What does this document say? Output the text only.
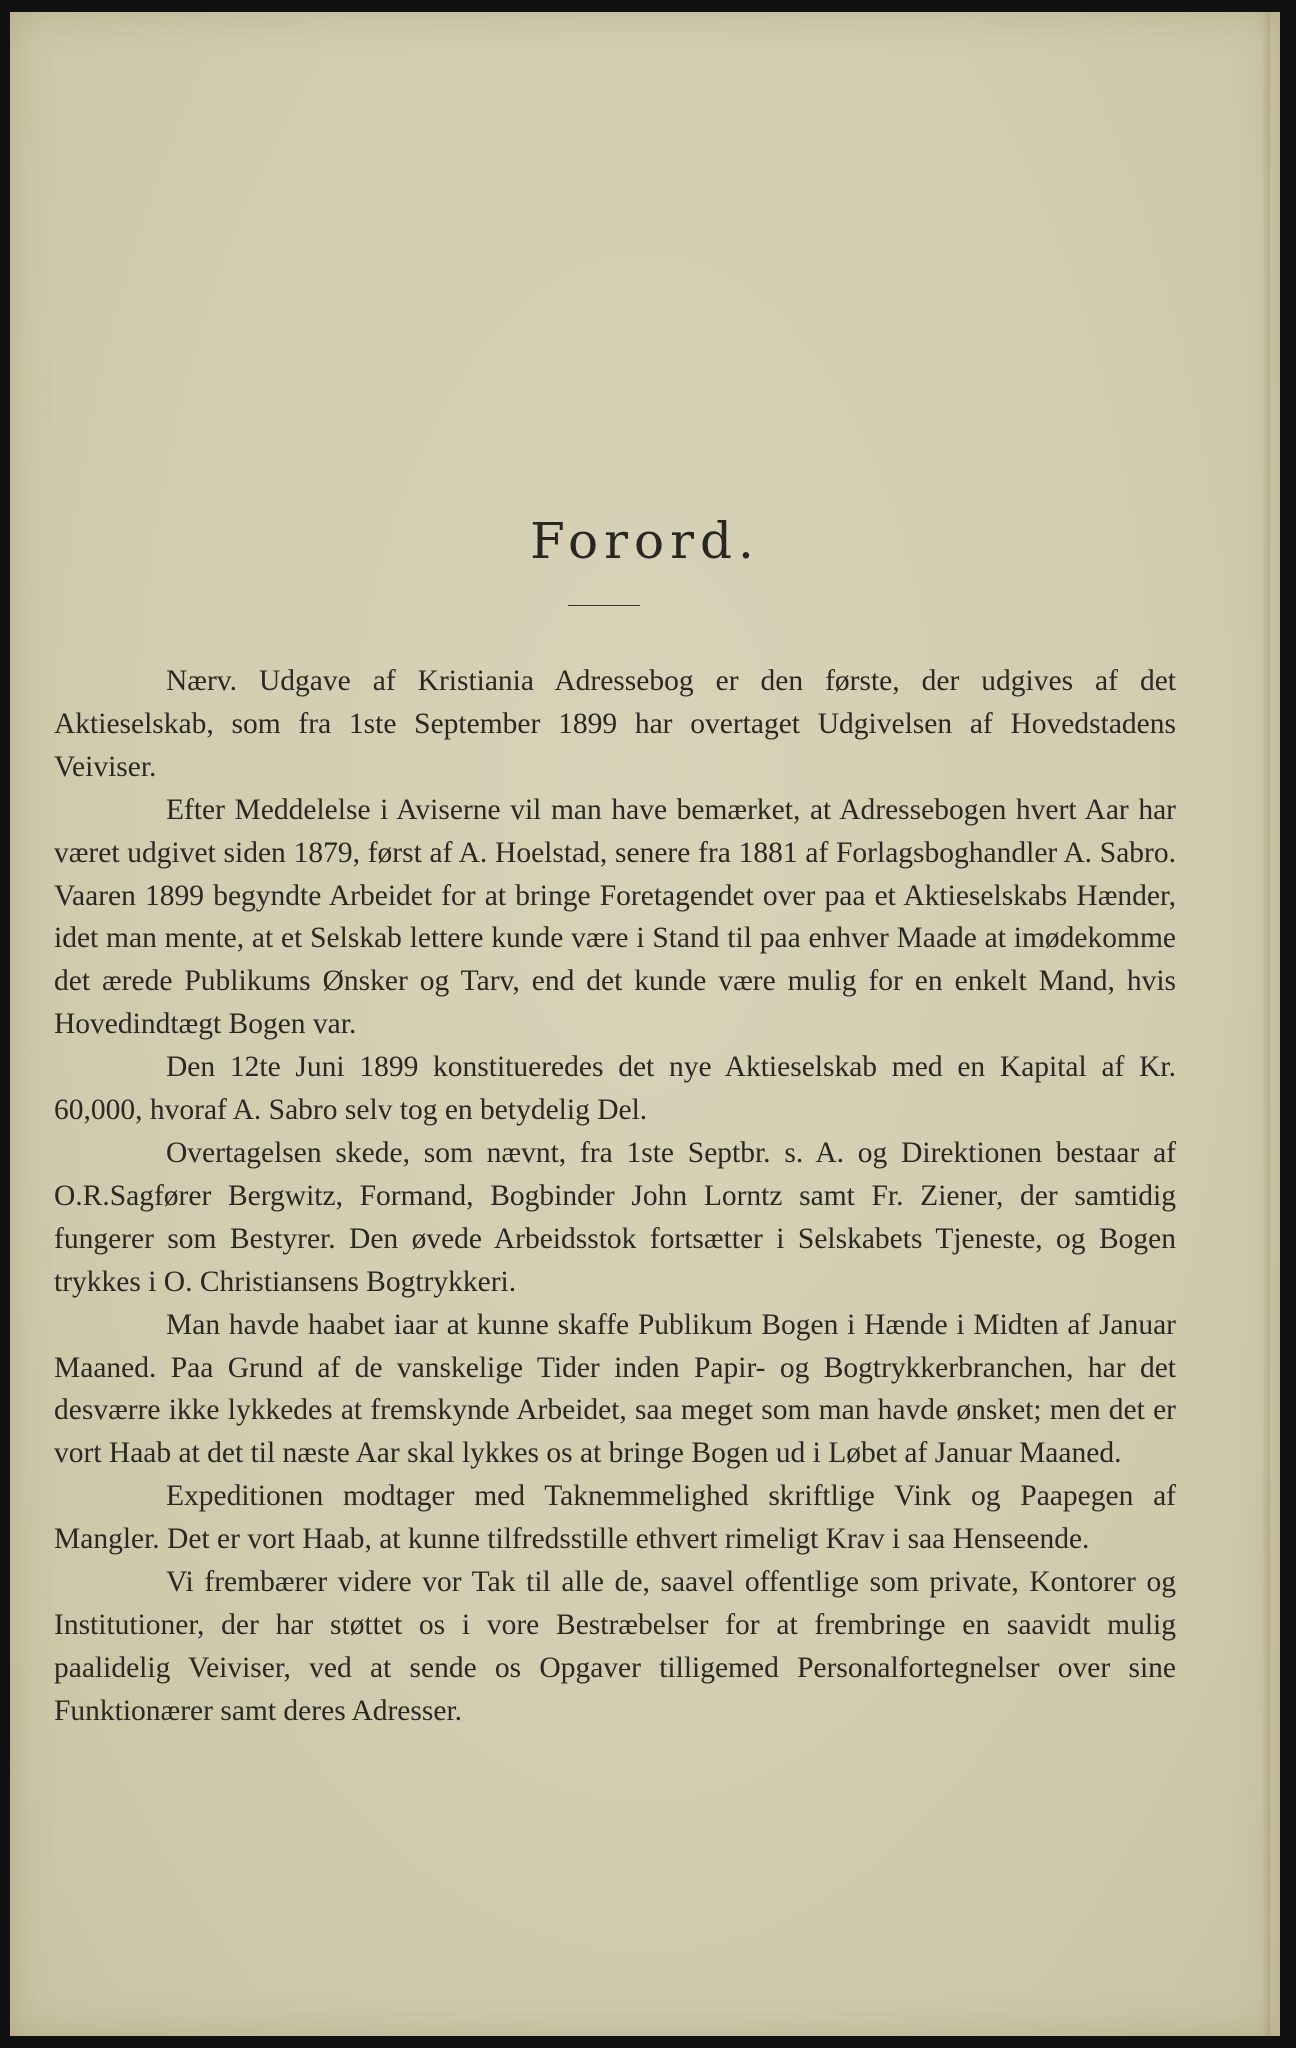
Forord.

Nærv. Udgave af Kristiania Adressebog er den første, der udgives af det Aktieselskab, som fra 1ste September 1899 har overtaget Udgivelsen af Hovedstadens Veiviser.

Efter Meddelelse i Aviserne vil man have bemærket, at Adressebogen hvert Aar har været udgivet siden 1879, først af A. Hoelstad, senere fra 1881 af Forlagsboghandler A. Sabro. Vaaren 1899 begyndte Arbeidet for at bringe Foretagendet over paa et Aktieselskabs Hænder, idet man mente, at et Selskab lettere kunde være i Stand til paa enhver Maade at imødekomme det ærede Publikums Ønsker og Tarv, end det kunde være mulig for en enkelt Mand, hvis Hovedindtægt Bogen var.

Den 12te Juni 1899 konstitueredes det nye Aktieselskab med en Kapital af Kr. 60,000, hvoraf A. Sabro selv tog en betydelig Del.

Overtagelsen skede, som nævnt, fra 1ste Septbr. s. A. og Direktionen bestaar af O.R.Sagfører Bergwitz, Formand, Bogbinder John Lorntz samt Fr. Ziener, der samtidig fungerer som Bestyrer. Den øvede Arbeidsstok fortsætter i Selskabets Tjeneste, og Bogen trykkes i O. Christiansens Bogtrykkeri.

Man havde haabet iaar at kunne skaffe Publikum Bogen i Hænde i Midten af Januar Maaned. Paa Grund af de vanskelige Tider inden Papir- og Bogtrykkerbranchen, har det desværre ikke lykkedes at fremskynde Arbeidet, saa meget som man havde ønsket; men det er vort Haab at det til næste Aar skal lykkes os at bringe Bogen ud i Løbet af Januar Maaned.

Expeditionen modtager med Taknemmelighed skriftlige Vink og Paapegen af Mangler. Det er vort Haab, at kunne tilfredsstille ethvert rimeligt Krav i saa Henseende.

Vi frembærer videre vor Tak til alle de, saavel offentlige som private, Kontorer og Institutioner, der har støttet os i vore Bestræbelser for at frembringe en saavidt mulig paalidelig Veiviser, ved at sende os Opgaver tilligemed Personalfortegnelser over sine Funktionærer samt deres Adresser.
